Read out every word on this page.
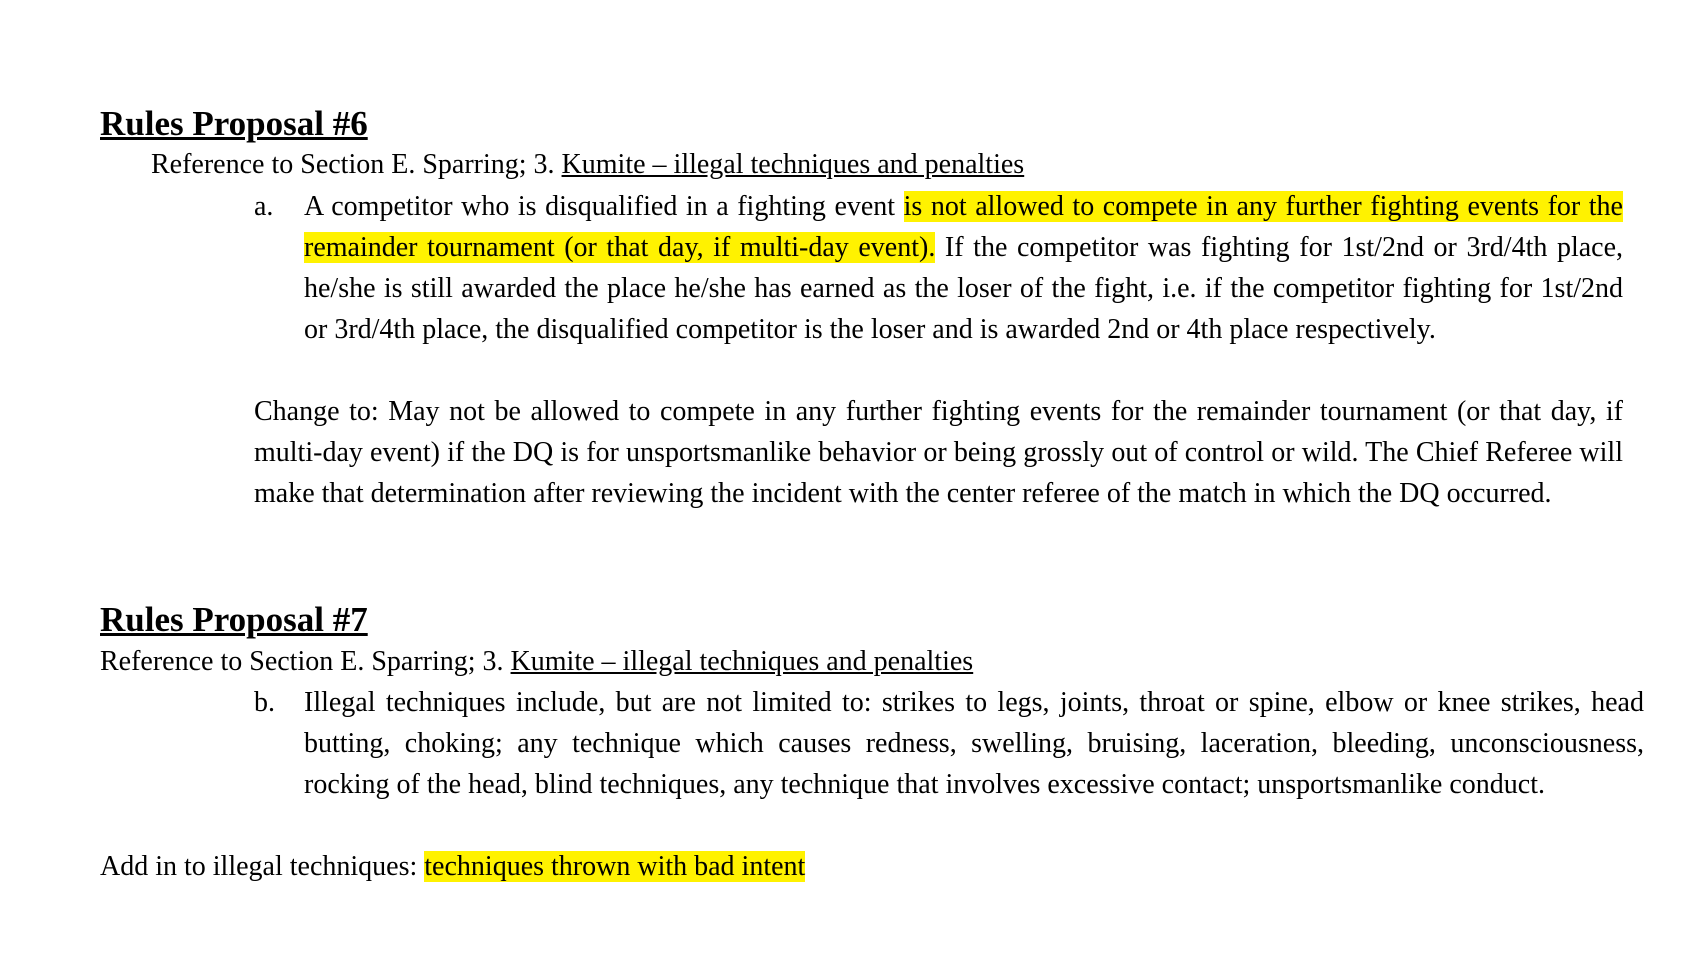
Rules Proposal #6
Reference to Section E. Sparring; 3. Kumite – illegal techniques and penalties
a. A competitor who is disqualified in a fighting event is not allowed to compete in any further fighting events for the remainder tournament (or that day, if multi-day event). If the competitor was fighting for 1st/2nd or 3rd/4th place, he/she is still awarded the place he/she has earned as the loser of the fight, i.e. if the competitor fighting for 1st/2nd or 3rd/4th place, the disqualified competitor is the loser and is awarded 2nd or 4th place respectively.

Change to: May not be allowed to compete in any further fighting events for the remainder tournament (or that day, if multi-day event) if the DQ is for unsportsmanlike behavior or being grossly out of control or wild. The Chief Referee will make that determination after reviewing the incident with the center referee of the match in which the DQ occurred.

Rules Proposal #7
Reference to Section E. Sparring; 3. Kumite – illegal techniques and penalties
b. Illegal techniques include, but are not limited to: strikes to legs, joints, throat or spine, elbow or knee strikes, head butting, choking; any technique which causes redness, swelling, bruising, laceration, bleeding, unconsciousness, rocking of the head, blind techniques, any technique that involves excessive contact; unsportsmanlike conduct.

Add in to illegal techniques: techniques thrown with bad intent
